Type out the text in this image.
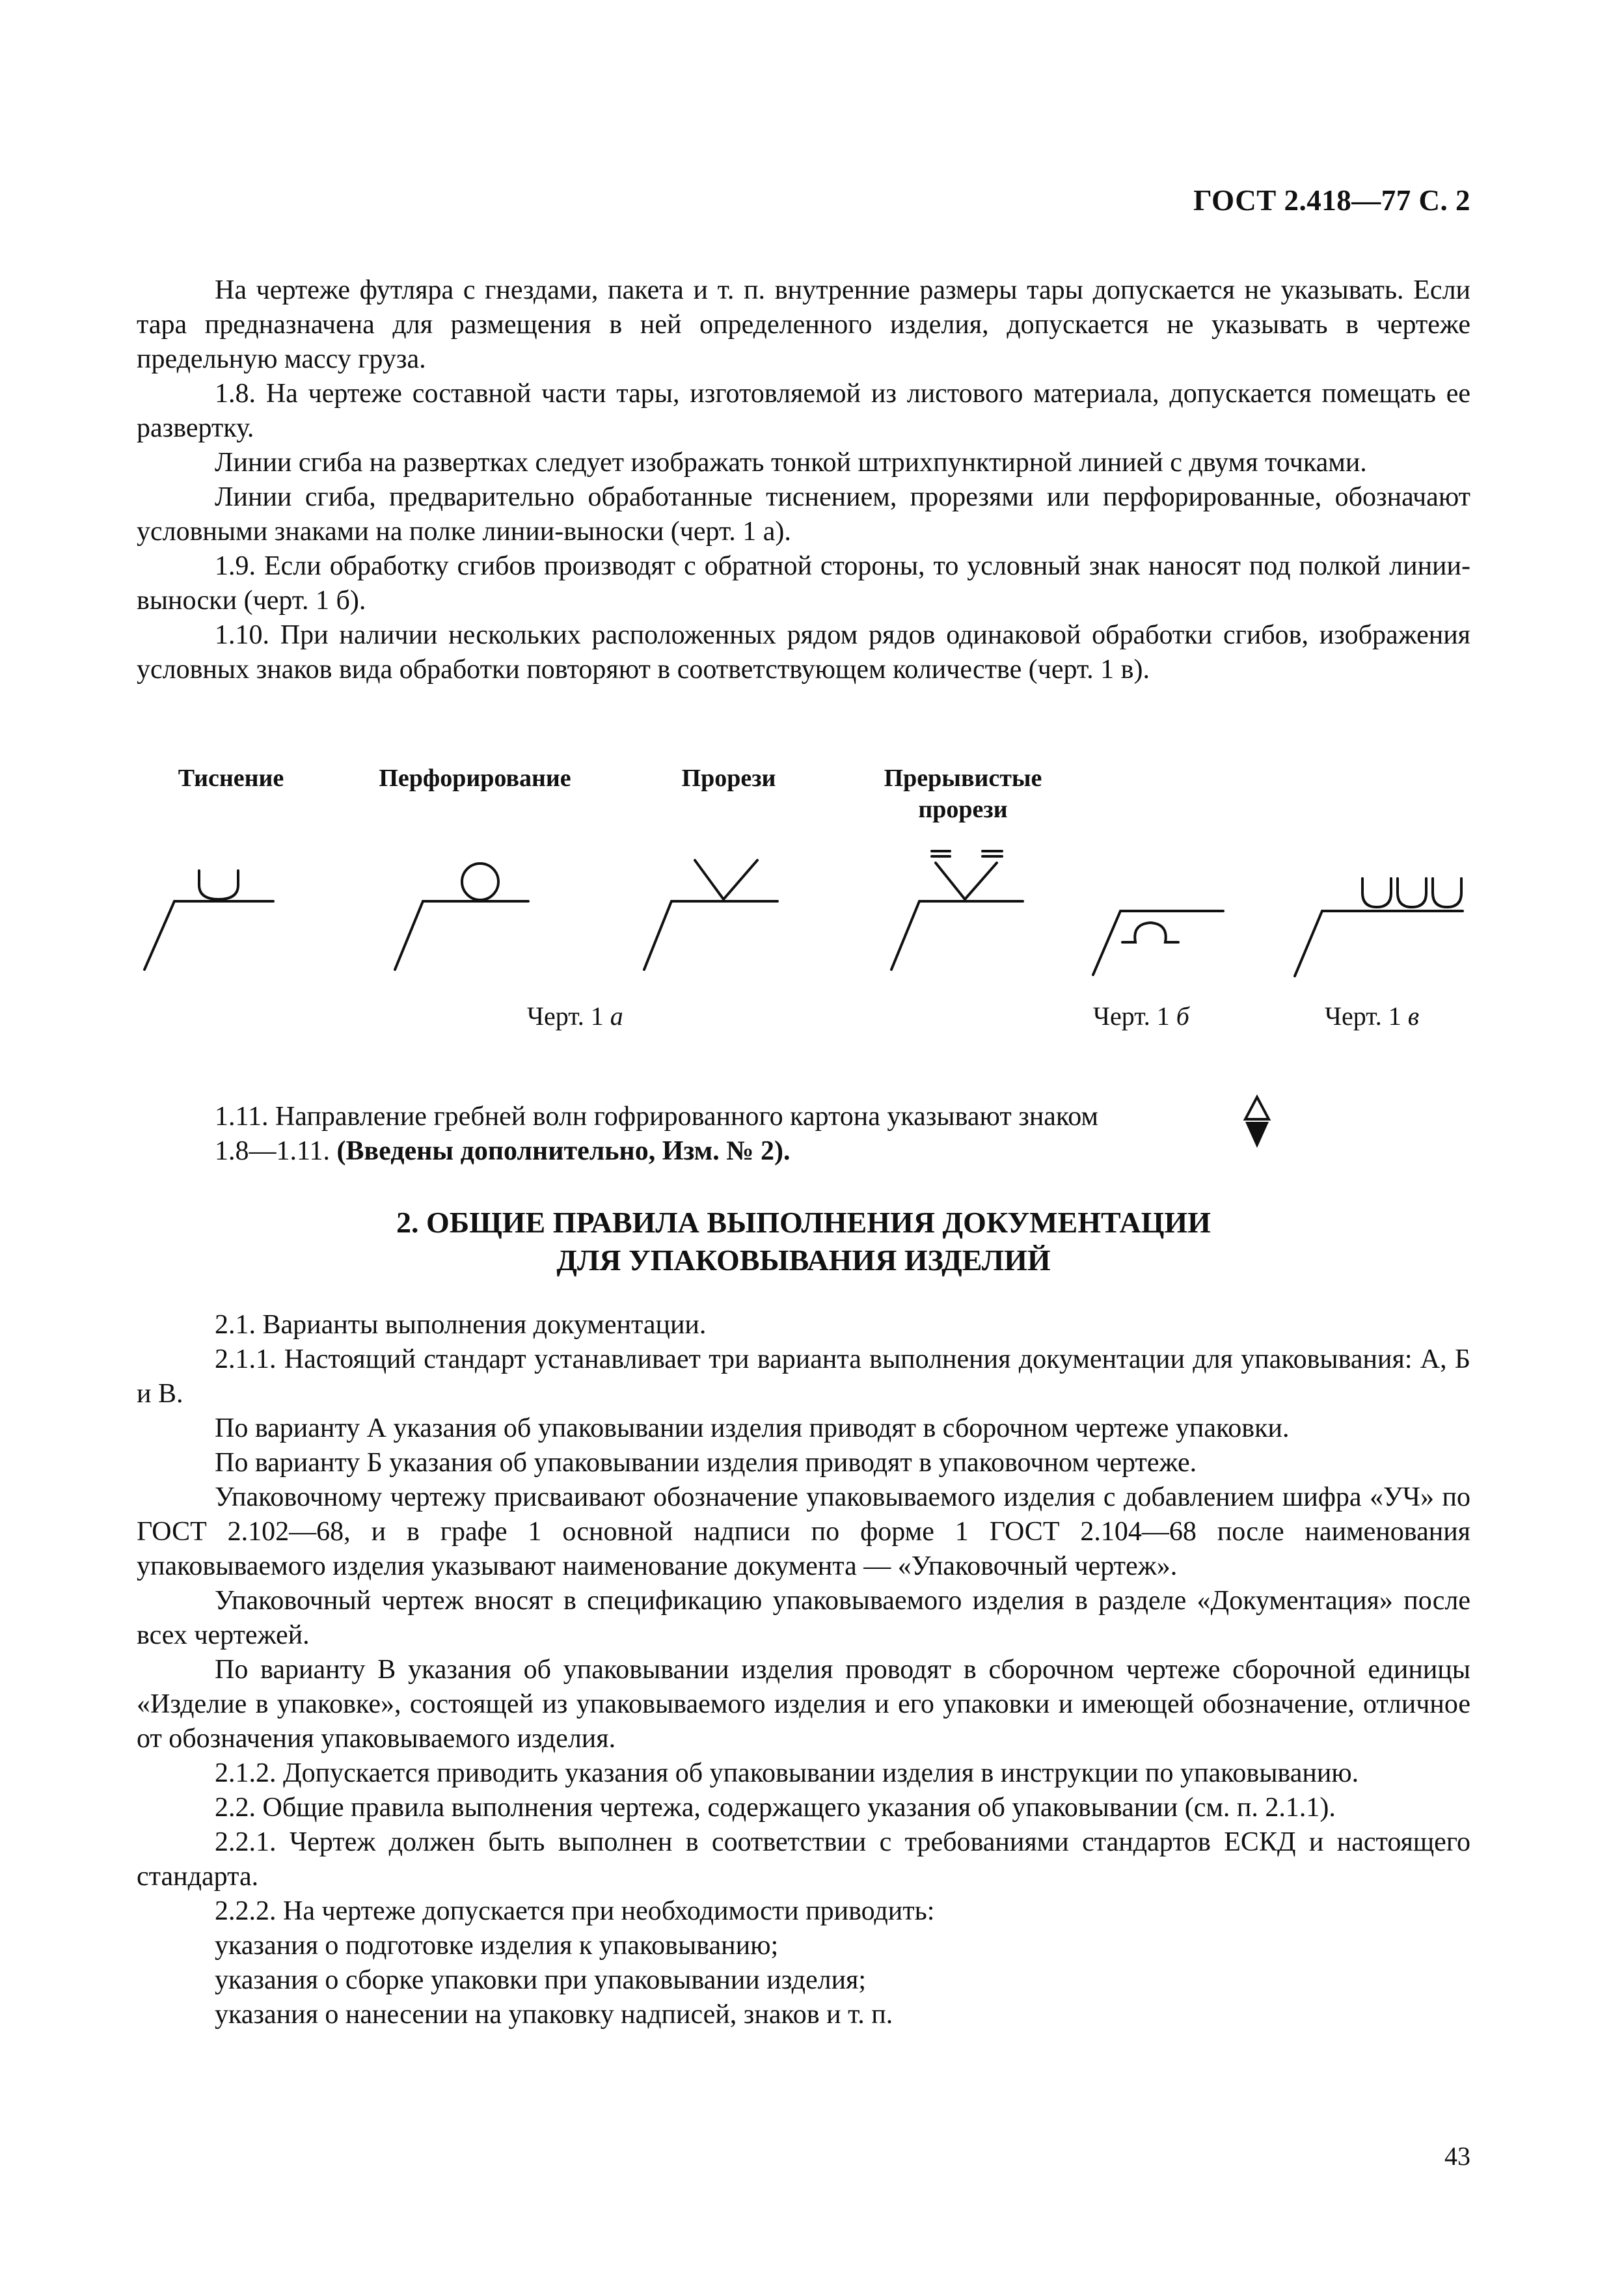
ГОСТ 2.418—77 С. 2

На чертеже футляра с гнездами, пакета и т. п. внутренние размеры тары допускается не указывать. Если тара предназначена для размещения в ней определенного изделия, допускается не указывать в чертеже предельную массу груза.

1.8. На чертеже составной части тары, изготовляемой из листового материала, допускается помещать ее развертку.

Линии сгиба на развертках следует изображать тонкой штрихпунктирной линией с двумя точками.

Линии сгиба, предварительно обработанные тиснением, прорезями или перфорированные, обозначают условными знаками на полке линии-выноски (черт. 1 а).

1.9. Если обработку сгибов производят с обратной стороны, то условный знак наносят под полкой линии-выноски (черт. 1 б).

1.10. При наличии нескольких расположенных рядом рядов одинаковой обработки сгибов, изображения условных знаков вида обработки повторяют в соответствующем количестве (черт. 1 в).

Тиснение	Перфорирование	Прорези	Прерывистые
прорези
Черт. 1 а	Черт. 1 б	Черт. 1 в
1.11. Направление гребней волн гофрированного картона указывают знаком
1.8—1.11. (Введены дополнительно, Изм. № 2).
2. ОБЩИЕ ПРАВИЛА ВЫПОЛНЕНИЯ ДОКУМЕНТАЦИИ
ДЛЯ УПАКОВЫВАНИЯ ИЗДЕЛИЙ

2.1. Варианты выполнения документации.

2.1.1. Настоящий стандарт устанавливает три варианта выполнения документации для упаковывания: А, Б и В.

По варианту А указания об упаковывании изделия приводят в сборочном чертеже упаковки.

По варианту Б указания об упаковывании изделия приводят в упаковочном чертеже.

Упаковочному чертежу присваивают обозначение упаковываемого изделия с добавлением шифра «УЧ» по ГОСТ 2.102—68, и в графе 1 основной надписи по форме 1 ГОСТ 2.104—68 после наименования упаковываемого изделия указывают наименование документа — «Упаковочный чертеж».

Упаковочный чертеж вносят в спецификацию упаковываемого изделия в разделе «Документация» после всех чертежей.

По варианту В указания об упаковывании изделия проводят в сборочном чертеже сборочной единицы «Изделие в упаковке», состоящей из упаковываемого изделия и его упаковки и имеющей обозначение, отличное от обозначения упаковываемого изделия.

2.1.2. Допускается приводить указания об упаковывании изделия в инструкции по упаковыванию.

2.2. Общие правила выполнения чертежа, содержащего указания об упаковывании (см. п. 2.1.1).

2.2.1. Чертеж должен быть выполнен в соответствии с требованиями стандартов ЕСКД и настоящего стандарта.

2.2.2. На чертеже допускается при необходимости приводить:

указания о подготовке изделия к упаковыванию;

указания о сборке упаковки при упаковывании изделия;

указания о нанесении на упаковку надписей, знаков и т. п.

43
